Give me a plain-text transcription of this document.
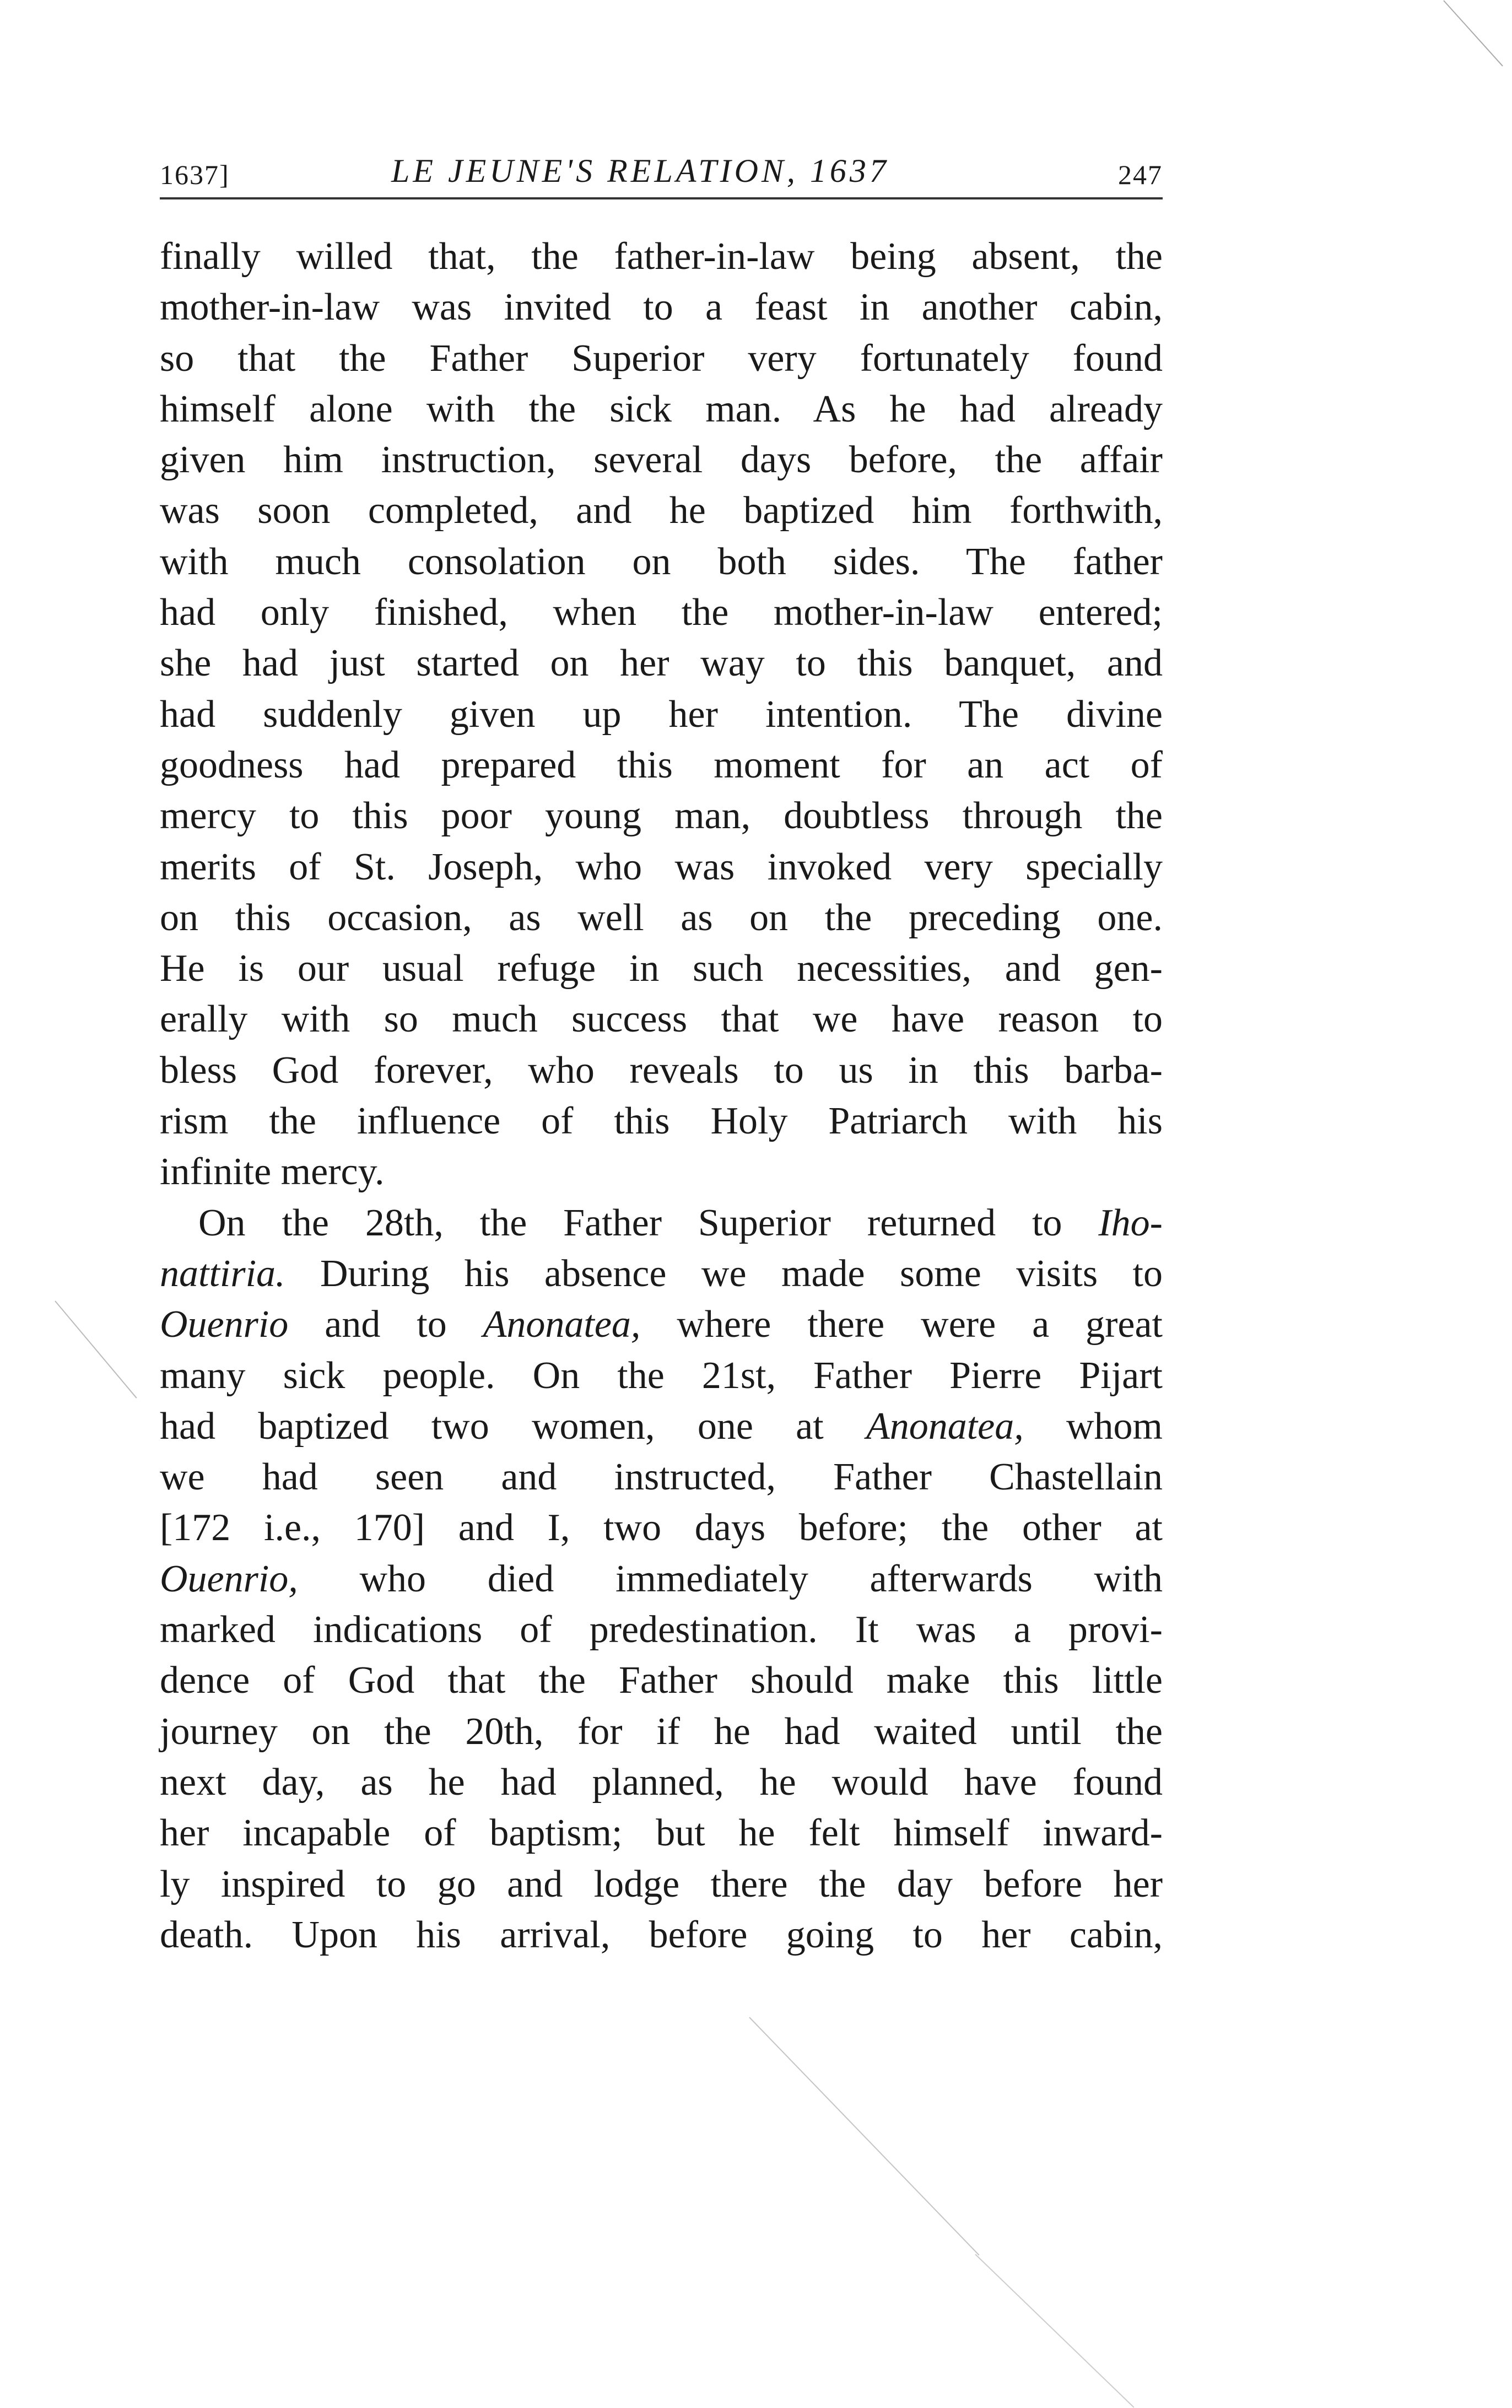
1637]	LE JEUNE'S RELATION, 1637	247
finally willed that, the father-in-law being absent, the
mother-in-law was invited to a feast in another cabin,
so that the Father Superior very fortunately found
himself alone with the sick man. As he had already
given him instruction, several days before, the affair
was soon completed, and he baptized him forthwith,
with much consolation on both sides. The father
had only finished, when the mother-in-law entered;
she had just started on her way to this banquet, and
had suddenly given up her intention. The divine
goodness had prepared this moment for an act of
mercy to this poor young man, doubtless through the
merits of St. Joseph, who was invoked very specially
on this occasion, as well as on the preceding one.
He is our usual refuge in such necessities, and gen-
erally with so much success that we have reason to
bless God forever, who reveals to us in this barba-
rism the influence of this Holy Patriarch with his
infinite mercy.
On the 28th, the Father Superior returned to Iho-
nattiria. During his absence we made some visits to
Ouenrio and to Anonatea, where there were a great
many sick people. On the 21st, Father Pierre Pijart
had baptized two women, one at Anonatea, whom
we had seen and instructed, Father Chastellain
[172 i.e., 170] and I, two days before; the other at
Ouenrio, who died immediately afterwards with
marked indications of predestination. It was a provi-
dence of God that the Father should make this little
journey on the 20th, for if he had waited until the
next day, as he had planned, he would have found
her incapable of baptism; but he felt himself inward-
ly inspired to go and lodge there the day before her
death. Upon his arrival, before going to her cabin,
